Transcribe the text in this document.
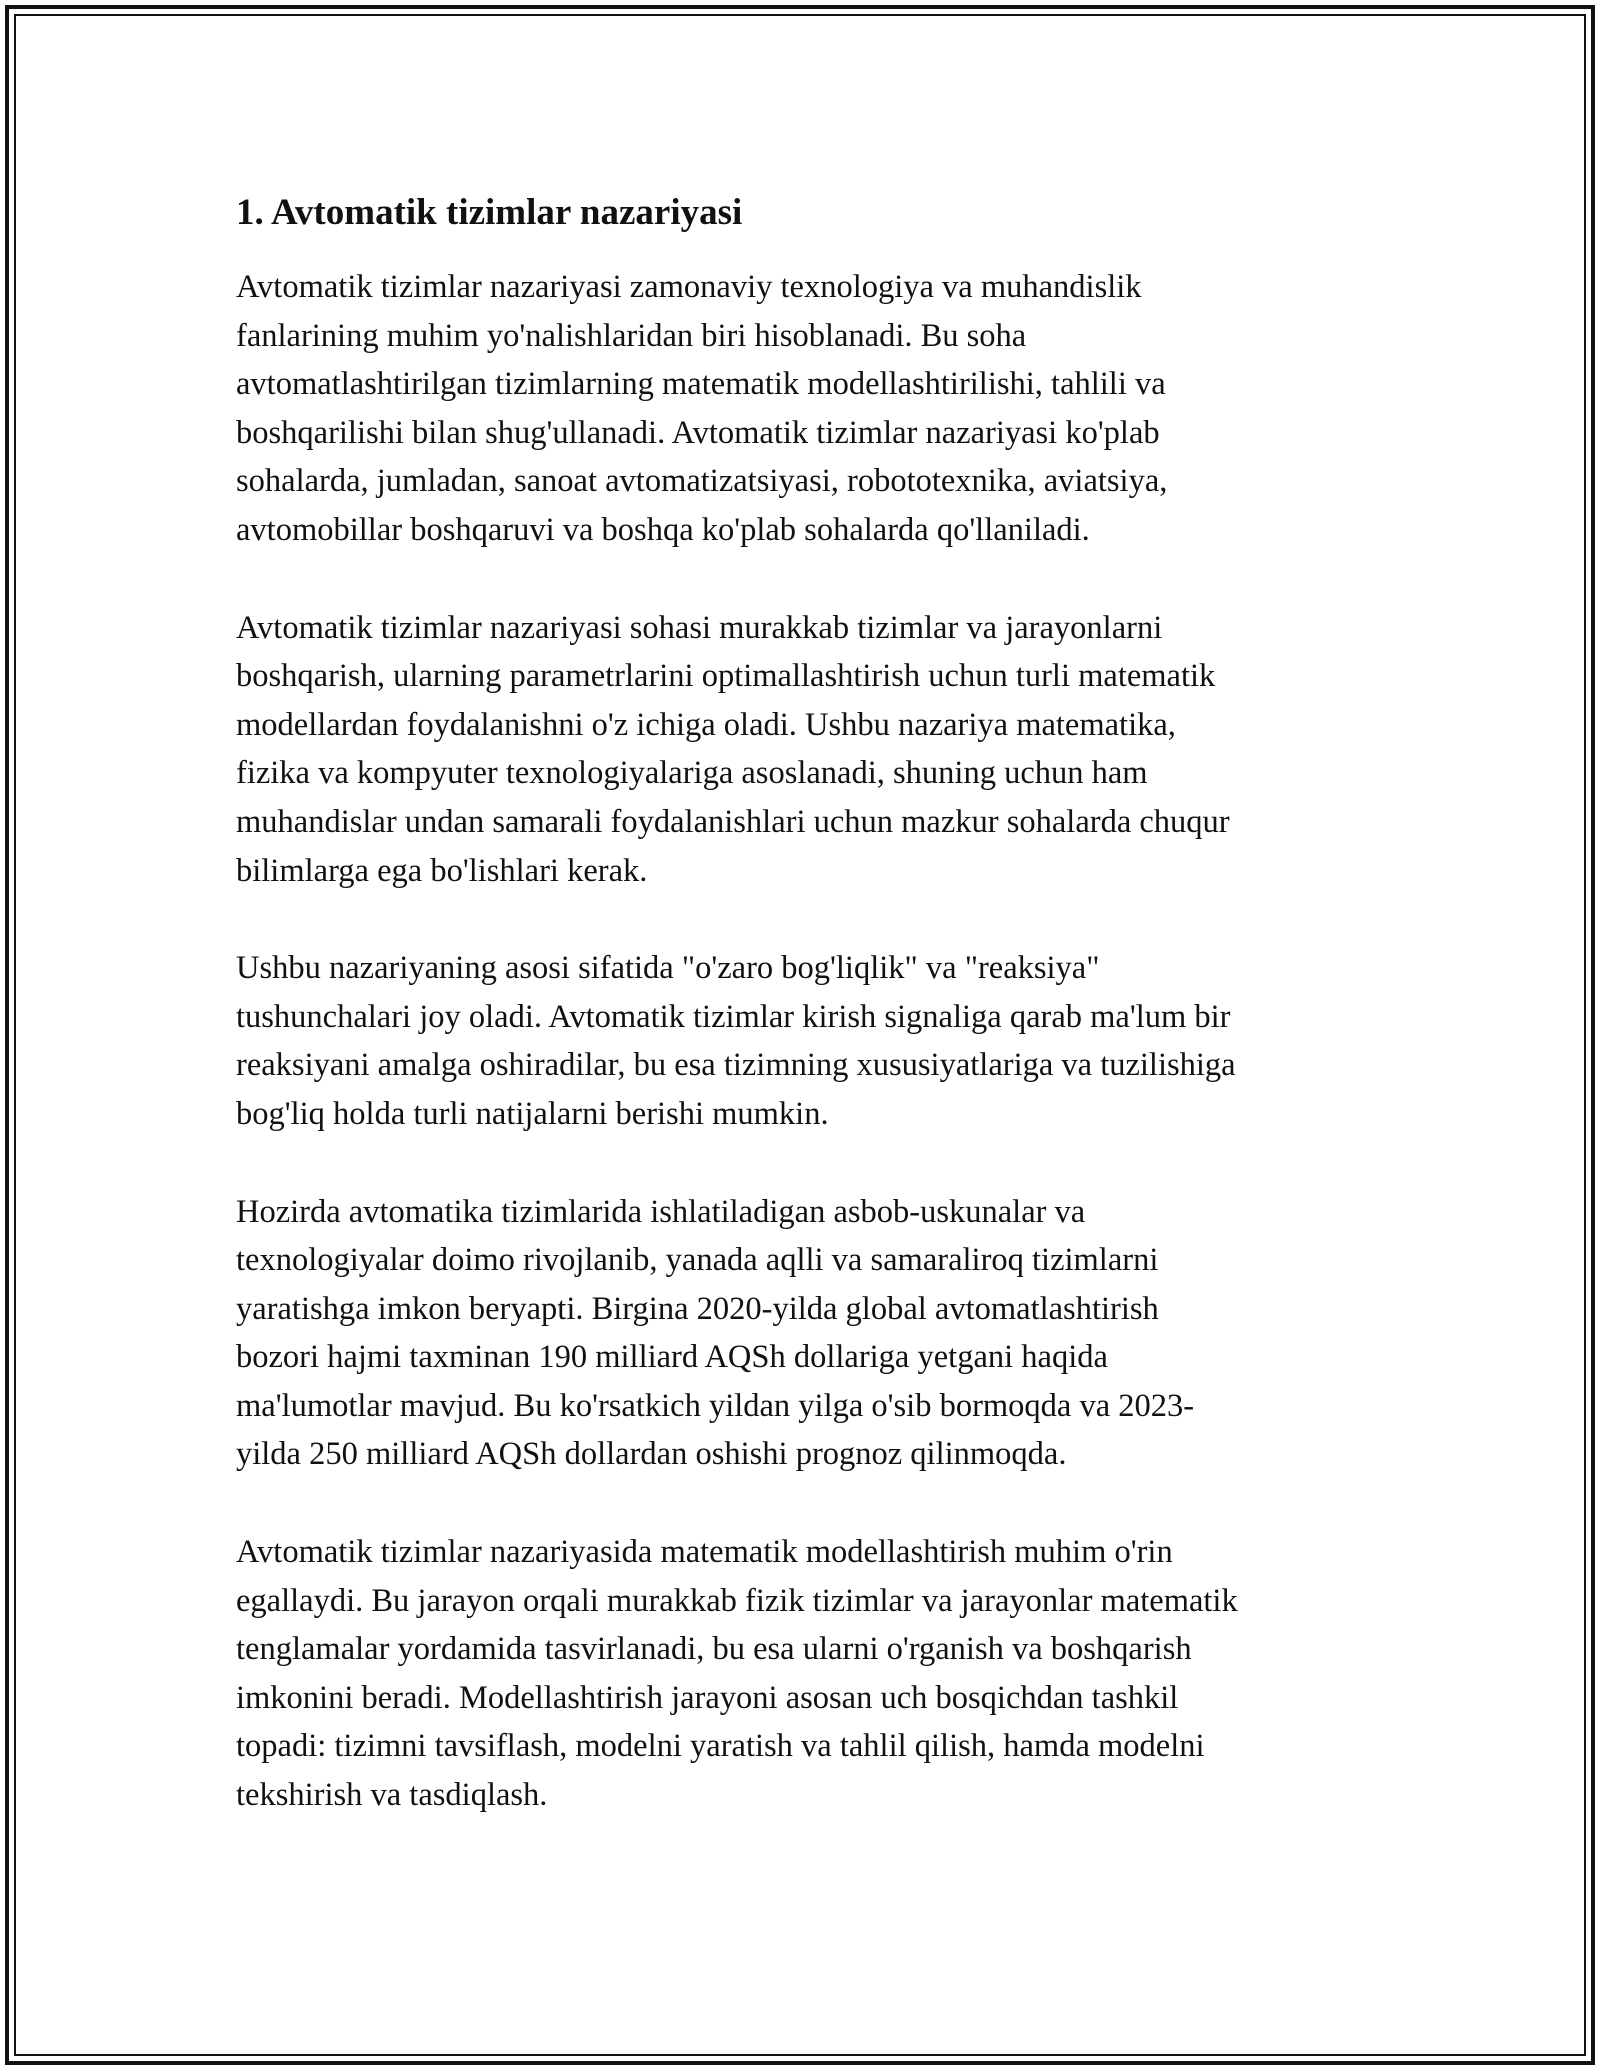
1. Avtomatik tizimlar nazariyasi

Avtomatik tizimlar nazariyasi zamonaviy texnologiya va muhandislik
fanlarining muhim yo'nalishlaridan biri hisoblanadi. Bu soha
avtomatlashtirilgan tizimlarning matematik modellashtirilishi, tahlili va
boshqarilishi bilan shug'ullanadi. Avtomatik tizimlar nazariyasi ko'plab
sohalarda, jumladan, sanoat avtomatizatsiyasi, robototexnika, aviatsiya,
avtomobillar boshqaruvi va boshqa ko'plab sohalarda qo'llaniladi.

Avtomatik tizimlar nazariyasi sohasi murakkab tizimlar va jarayonlarni
boshqarish, ularning parametrlarini optimallashtirish uchun turli matematik
modellardan foydalanishni o'z ichiga oladi. Ushbu nazariya matematika,
fizika va kompyuter texnologiyalariga asoslanadi, shuning uchun ham
muhandislar undan samarali foydalanishlari uchun mazkur sohalarda chuqur
bilimlarga ega bo'lishlari kerak.

Ushbu nazariyaning asosi sifatida "o'zaro bog'liqlik" va "reaksiya"
tushunchalari joy oladi. Avtomatik tizimlar kirish signaliga qarab ma'lum bir
reaksiyani amalga oshiradilar, bu esa tizimning xususiyatlariga va tuzilishiga
bog'liq holda turli natijalarni berishi mumkin.

Hozirda avtomatika tizimlarida ishlatiladigan asbob-uskunalar va
texnologiyalar doimo rivojlanib, yanada aqlli va samaraliroq tizimlarni
yaratishga imkon beryapti. Birgina 2020-yilda global avtomatlashtirish
bozori hajmi taxminan 190 milliard AQSh dollariga yetgani haqida
ma'lumotlar mavjud. Bu ko'rsatkich yildan yilga o'sib bormoqda va 2023-
yilda 250 milliard AQSh dollardan oshishi prognoz qilinmoqda.

Avtomatik tizimlar nazariyasida matematik modellashtirish muhim o'rin
egallaydi. Bu jarayon orqali murakkab fizik tizimlar va jarayonlar matematik
tenglamalar yordamida tasvirlanadi, bu esa ularni o'rganish va boshqarish
imkonini beradi. Modellashtirish jarayoni asosan uch bosqichdan tashkil
topadi: tizimni tavsiflash, modelni yaratish va tahlil qilish, hamda modelni
tekshirish va tasdiqlash.
